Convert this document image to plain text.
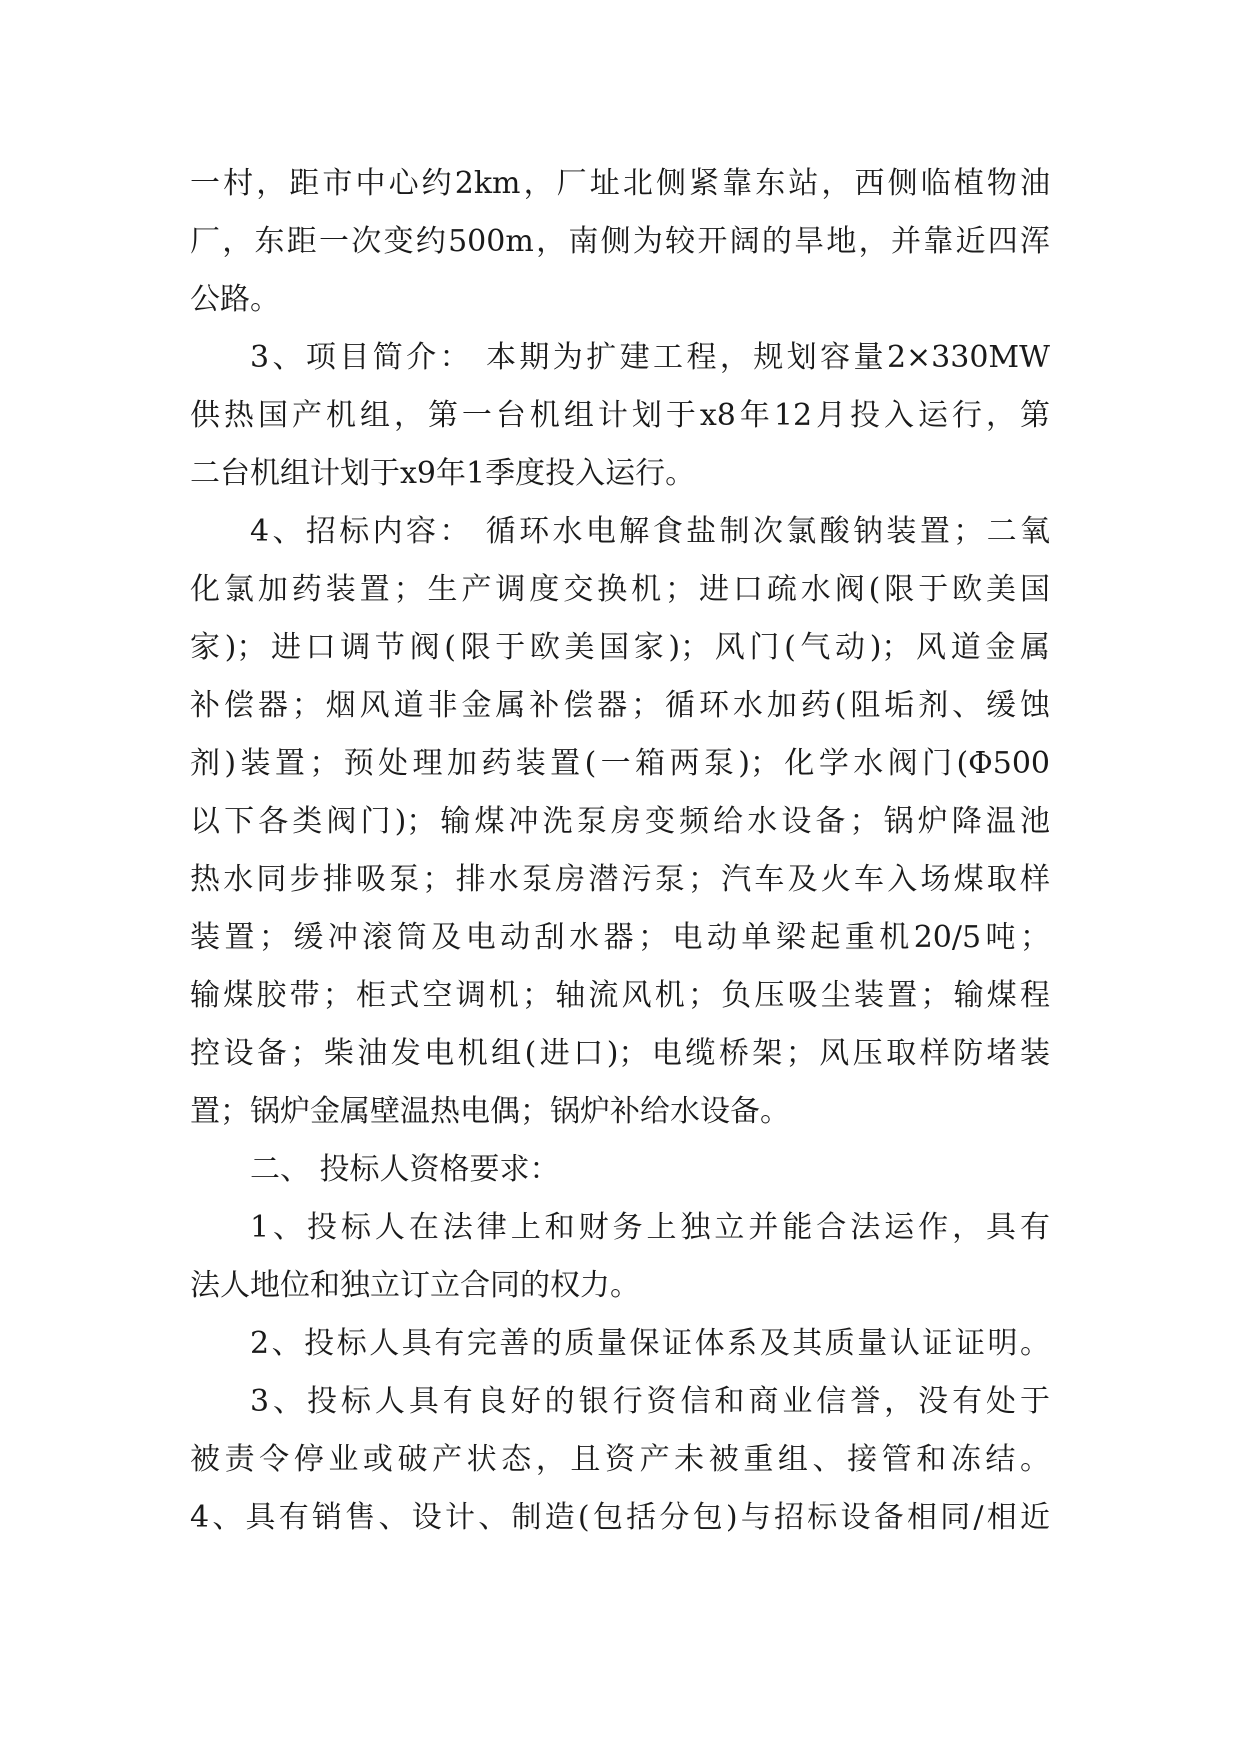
一村，距市中心约2km，厂址北侧紧靠东站，西侧临植物油
厂，东距一次变约500m，南侧为较开阔的旱地，并靠近四浑
公路。
3、项目简介： 本期为扩建工程，规划容量2×330MW
供热国产机组，第一台机组计划于x8年12月投入运行，第
二台机组计划于x9年1季度投入运行。
4、招标内容： 循环水电解食盐制次氯酸钠装置；二氧
化氯加药装置；生产调度交换机；进口疏水阀(限于欧美国
家)；进口调节阀(限于欧美国家)；风门(气动)；风道金属
补偿器；烟风道非金属补偿器；循环水加药(阻垢剂、缓蚀
剂)装置；预处理加药装置(一箱两泵)；化学水阀门(Φ500
以下各类阀门)；输煤冲洗泵房变频给水设备；锅炉降温池
热水同步排吸泵；排水泵房潜污泵；汽车及火车入场煤取样
装置；缓冲滚筒及电动刮水器；电动单梁起重机20/5吨；
输煤胶带；柜式空调机；轴流风机；负压吸尘装置；输煤程
控设备；柴油发电机组(进口)；电缆桥架；风压取样防堵装
置；锅炉金属壁温热电偶；锅炉补给水设备。
二、 投标人资格要求：
1、投标人在法律上和财务上独立并能合法运作，具有
法人地位和独立订立合同的权力。
2、投标人具有完善的质量保证体系及其质量认证证明。
3、投标人具有良好的银行资信和商业信誉，没有处于
被责令停业或破产状态，且资产未被重组、接管和冻结。
4、具有销售、设计、制造(包括分包)与招标设备相同/相近
